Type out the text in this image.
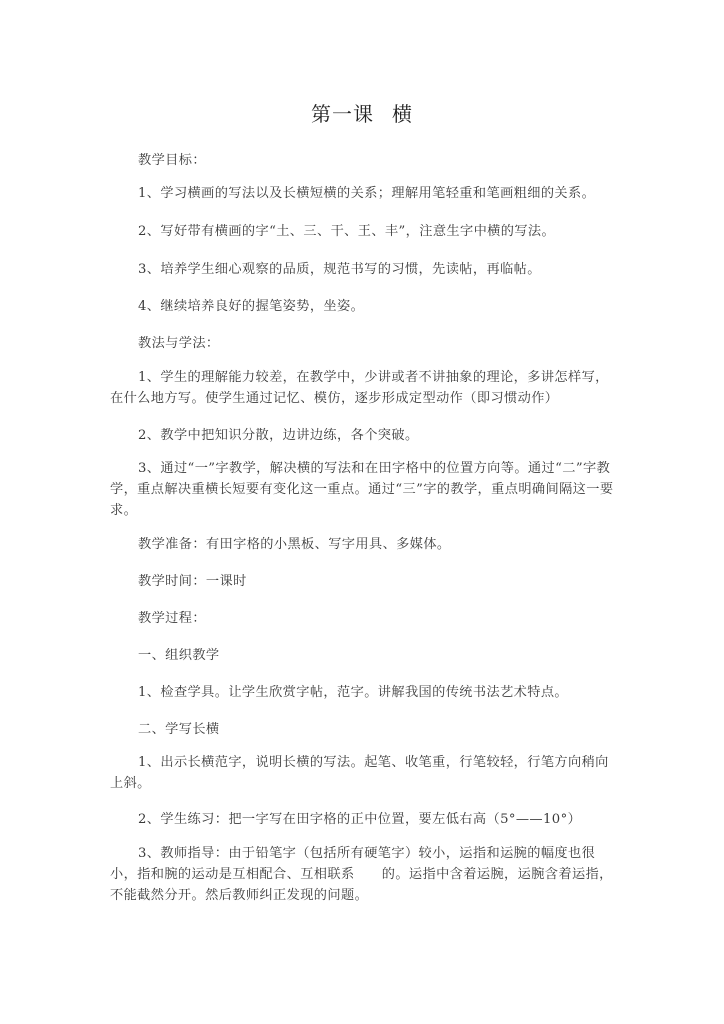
第一课 横

教学目标：

1、学习横画的写法以及长横短横的关系；理解用笔轻重和笔画粗细的关系。

2、写好带有横画的字“土、三、干、王、丰”，注意生字中横的写法。

3、培养学生细心观察的品质，规范书写的习惯，先读帖，再临帖。

4、继续培养良好的握笔姿势，坐姿。

教法与学法：

1、学生的理解能力较差，在教学中，少讲或者不讲抽象的理论，多讲怎样写，在什么地方写。使学生通过记忆、模仿，逐步形成定型动作（即习惯动作）

2、教学中把知识分散，边讲边练，各个突破。

3、通过“一”字教学，解决横的写法和在田字格中的位置方向等。通过“二”字教学，重点解决重横长短要有变化这一重点。通过“三”字的教学，重点明确间隔这一要求。

教学准备：有田字格的小黑板、写字用具、多媒体。

教学时间：一课时

教学过程：

一、组织教学

1、检查学具。让学生欣赏字帖，范字。讲解我国的传统书法艺术特点。

二、学写长横

1、出示长横范字，说明长横的写法。起笔、收笔重，行笔较轻，行笔方向稍向上斜。

2、学生练习：把一字写在田字格的正中位置，要左低右高（5°——10°）

3、教师指导：由于铅笔字（包括所有硬笔字）较小，运指和运腕的幅度也很小，指和腕的运动是互相配合、互相联系　　的。运指中含着运腕，运腕含着运指，不能截然分开。然后教师纠正发现的问题。
